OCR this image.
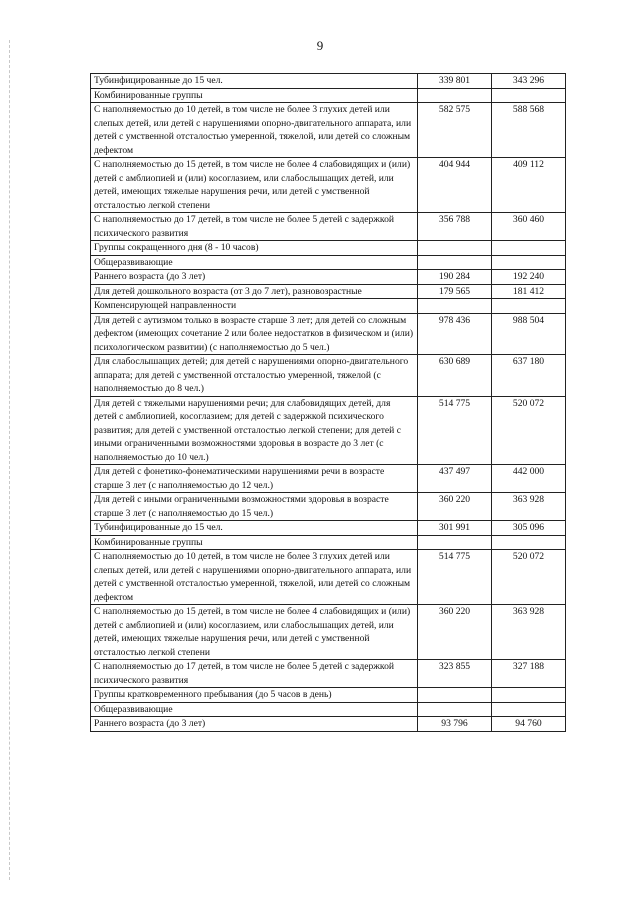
9
Тубинфицированные до 15 чел.	339 801	343 296
Комбинированные группы		
С наполняемостью до 10 детей, в том числе не более 3 глухих детей или слепых детей, или детей с нарушениями опорно-двигательного аппарата, или детей с умственной отсталостью умеренной, тяжелой, или детей со сложным дефектом	582 575	588 568
С наполняемостью до 15 детей, в том числе не более 4 слабовидящих и (или) детей с амблиопией и (или) косоглазием, или слабослышащих детей, или детей, имеющих тяжелые нарушения речи, или детей с умственной отсталостью легкой степени	404 944	409 112
С наполняемостью до 17 детей, в том числе не более 5 детей с задержкой психического развития	356 788	360 460
Группы сокращенного дня (8 - 10 часов)		
Общеразвивающие		
Раннего возраста (до 3 лет)	190 284	192 240
Для детей дошкольного возраста (от 3 до 7 лет), разновозрастные	179 565	181 412
Компенсирующей направленности		
Для детей с аутизмом только в возрасте старше 3 лет; для детей со сложным дефектом (имеющих сочетание 2 или более недостатков в физическом и (или) психологическом развитии) (с наполняемостью до 5 чел.)	978 436	988 504
Для слабослышащих детей; для детей с нарушениями опорно-двигательного аппарата; для детей с умственной отсталостью умеренной, тяжелой (с наполняемостью до 8 чел.)	630 689	637 180
Для детей с тяжелыми нарушениями речи; для слабовидящих детей, для детей с амблиопией, косоглазием; для детей с задержкой психического развития; для детей с умственной отсталостью легкой степени; для детей с иными ограниченными возможностями здоровья в возрасте до 3 лет (с наполняемостью до 10 чел.)	514 775	520 072
Для детей с фонетико-фонематическими нарушениями речи в возрасте старше 3 лет (с наполняемостью до 12 чел.)	437 497	442 000
Для детей с иными ограниченными возможностями здоровья в возрасте старше 3 лет (с наполняемостью до 15 чел.)	360 220	363 928
Тубинфицированные до 15 чел.	301 991	305 096
Комбинированные группы		
С наполняемостью до 10 детей, в том числе не более 3 глухих детей или слепых детей, или детей с нарушениями опорно-двигательного аппарата, или детей с умственной отсталостью умеренной, тяжелой, или детей со сложным дефектом	514 775	520 072
С наполняемостью до 15 детей, в том числе не более 4 слабовидящих и (или) детей с амблиопией и (или) косоглазием, или слабослышащих детей, или детей, имеющих тяжелые нарушения речи, или детей с умственной отсталостью легкой степени	360 220	363 928
С наполняемостью до 17 детей, в том числе не более 5 детей с задержкой психического развития	323 855	327 188
Группы кратковременного пребывания (до 5 часов в день)		
Общеразвивающие		
Раннего возраста (до 3 лет)	93 796	94 760
